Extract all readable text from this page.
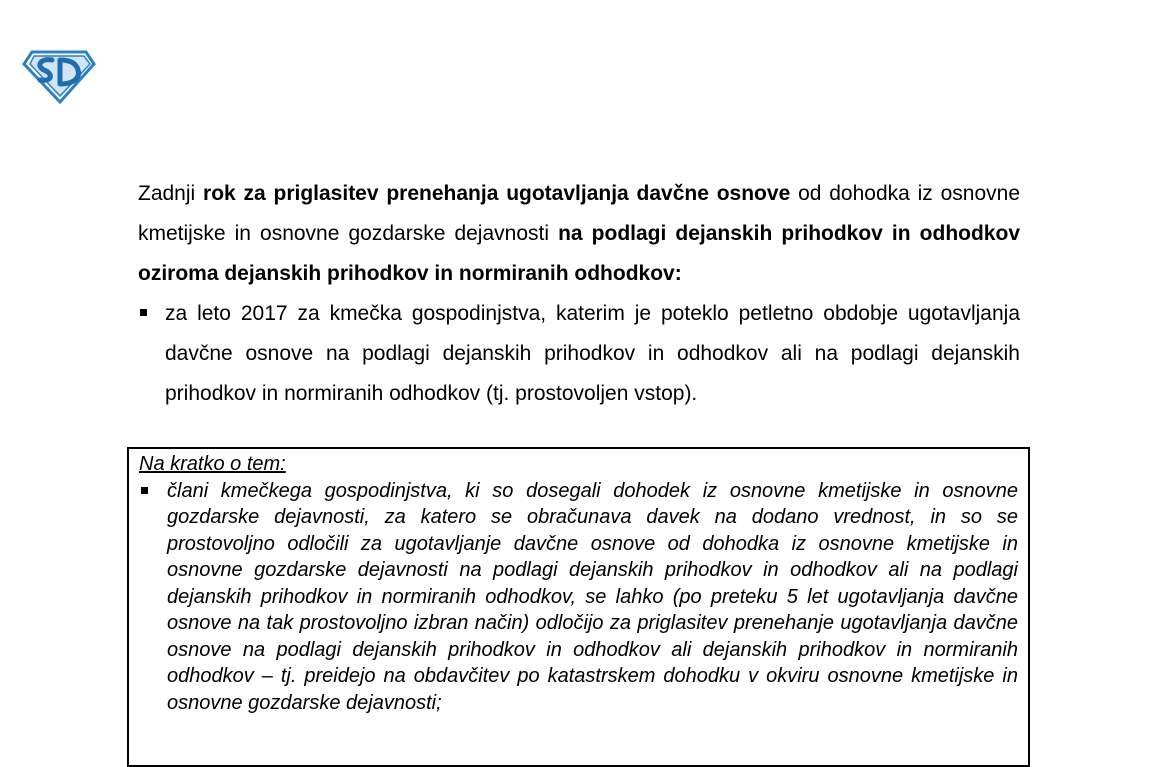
Zadnji rok za priglasitev prenehanja ugotavljanja davčne osnove od dohodka iz osnovne kmetijske in osnovne gozdarske dejavnosti na podlagi dejanskih prihodkov in odhodkov oziroma dejanskih prihodkov in normiranih odhodkov:

za leto 2017 za kmečka gospodinjstva, katerim je poteklo petletno obdobje ugotavljanja davčne osnove na podlagi dejanskih prihodkov in odhodkov ali na podlagi dejanskih prihodkov in normiranih odhodkov (tj. prostovoljen vstop).

Na kratko o tem:

člani kmečkega gospodinjstva, ki so dosegali dohodek iz osnovne kmetijske in osnovne gozdarske dejavnosti, za katero se obračunava davek na dodano vrednost, in so se prostovoljno odločili za ugotavljanje davčne osnove od dohodka iz osnovne kmetijske in osnovne gozdarske dejavnosti na podlagi dejanskih prihodkov in odhodkov ali na podlagi dejanskih prihodkov in normiranih odhodkov, se lahko (po preteku 5 let ugotavljanja davčne osnove na tak prostovoljno izbran način) odločijo za priglasitev prenehanje ugotavljanja davčne osnove na podlagi dejanskih prihodkov in odhodkov ali dejanskih prihodkov in normiranih odhodkov – tj. preidejo na obdavčitev po katastrskem dohodku v okviru osnovne kmetijske in osnovne gozdarske dejavnosti;
